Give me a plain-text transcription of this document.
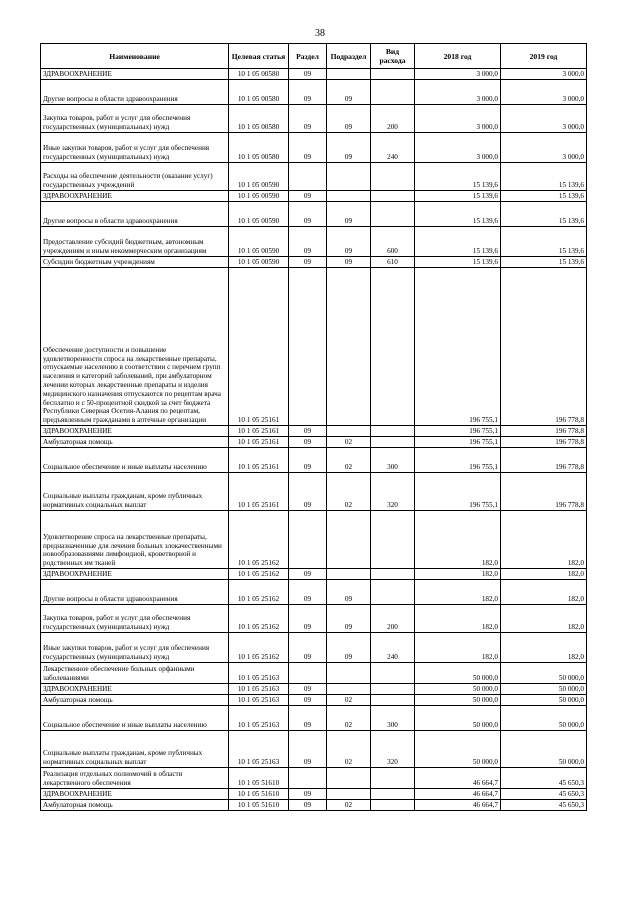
38
Наименование	Целевая статья	Раздел	Подраздел	Вид расхода	2018 год	2019 год
ЗДРАВООХРАНЕНИЕ	10 1 05 00580	09			3 000,0	3 000,0
Другие вопросы в области здравоохранения	10 1 05 00580	09	09		3 000,0	3 000,0
Закупка товаров, работ и услуг для обеспечения государственных (муниципальных) нужд	10 1 05 00580	09	09	200	3 000,0	3 000,0
Иные закупки товаров, работ и услуг для обеспечения государственных (муниципальных) нужд	10 1 05 00580	09	09	240	3 000,0	3 000,0
Расходы на обеспечение деятельности (оказание услуг) государственных учреждений	10 1 05 00590				15 139,6	15 139,6
ЗДРАВООХРАНЕНИЕ	10 1 05 00590	09			15 139,6	15 139,6
Другие вопросы в области здравоохранения	10 1 05 00590	09	09		15 139,6	15 139,6
Предоставление субсидий бюджетным, автономным учреждениям и иным некоммерческим организациям	10 1 05 00590	09	09	600	15 139,6	15 139,6
Субсидии бюджетным учреждениям	10 1 05 00590	09	09	610	15 139,6	15 139,6
Обеспечение доступности и повышение удовлетворенности спроса на лекарственные препараты, отпускаемые населению в соответствии с перечнем групп населения и категорий заболеваний, при амбулаторном лечении которых лекарственные препараты и изделия медицинского назначения отпускаются по рецептам врача бесплатно и с 50-процентной скидкой за счет бюджета Республики Северная Осетия-Алания по рецептам, предъявленным гражданами в аптечные организации	10 1 05 25161				196 755,1	196 778,8
ЗДРАВООХРАНЕНИЕ	10 1 05 25161	09			196 755,1	196 778,8
Амбулаторная помощь	10 1 05 25161	09	02		196 755,1	196 778,8
Социальное обеспечение и иные выплаты населению	10 1 05 25161	09	02	300	196 755,1	196 778,8
Социальные выплаты гражданам, кроме публичных нормативных социальных выплат	10 1 05 25161	09	02	320	196 755,1	196 778,8
Удовлетворение спроса на лекарственные препараты, предназначенные для лечения больных злокачественными новообразованиями лимфоидной, кроветворной и родственных им тканей	10 1 05 25162				182,0	182,0
ЗДРАВООХРАНЕНИЕ	10 1 05 25162	09			182,0	182,0
Другие вопросы в области здравоохранения	10 1 05 25162	09	09		182,0	182,0
Закупка товаров, работ и услуг для обеспечения государственных (муниципальных) нужд	10 1 05 25162	09	09	200	182,0	182,0
Иные закупки товаров, работ и услуг для обеспечения государственных (муниципальных) нужд	10 1 05 25162	09	09	240	182,0	182,0
Лекарственное обеспечение больных орфанными заболеваниями	10 1 05 25163				50 000,0	50 000,0
ЗДРАВООХРАНЕНИЕ	10 1 05 25163	09			50 000,0	50 000,0
Амбулаторная помощь	10 1 05 25163	09	02		50 000,0	50 000,0
Социальное обеспечение и иные выплаты населению	10 1 05 25163	09	02	300	50 000,0	50 000,0
Социальные выплаты гражданам, кроме публичных нормативных социальных выплат	10 1 05 25163	09	02	320	50 000,0	50 000,0
Реализация отдельных полномочий в области лекарственного обеспечения	10 1 05 51610				46 664,7	45 650,3
ЗДРАВООХРАНЕНИЕ	10 1 05 51610	09			46 664,7	45 650,3
Амбулаторная помощь	10 1 05 51610	09	02		46 664,7	45 650,3
